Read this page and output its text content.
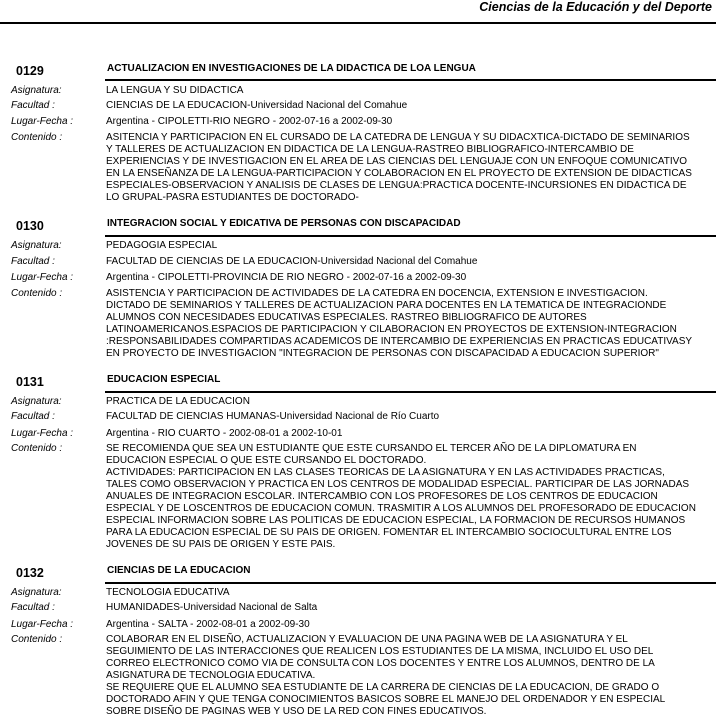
Ciencias de la Educación y del Deporte
0129	ACTUALIZACION EN INVESTIGACIONES DE LA DIDACTICA DE LOA LENGUA
Asignatura:	LA LENGUA Y SU DIDACTICA
Facultad :	CIENCIAS DE LA EDUCACION-Universidad Nacional del Comahue
Lugar-Fecha :	Argentina - CIPOLETTI-RIO NEGRO - 2002-07-16 a 2002-09-30
Contenido :	ASITENCIA Y PARTICIPACION EN EL CURSADO DE LA CATEDRA DE LENGUA Y SU DIDACXTICA-DICTADO DE SEMINARIOS
Y TALLERES DE ACTUALIZACION EN DIDACTICA DE LA LENGUA-RASTREO BIBLIOGRAFICO-INTERCAMBIO DE
EXPERIENCIAS Y DE INVESTIGACION EN EL AREA DE LAS CIENCIAS DEL LENGUAJE CON UN ENFOQUE COMUNICATIVO
EN LA ENSEÑANZA DE LA LENGUA-PARTICIPACION Y COLABORACION EN EL PROYECTO DE EXTENSION DE DIDACTICAS
ESPECIALES-OBSERVACION Y ANALISIS DE CLASES DE LENGUA:PRACTICA DOCENTE-INCURSIONES EN DIDACTICA DE
LO GRUPAL-PASRA ESTUDIANTES DE DOCTORADO-
0130	INTEGRACION SOCIAL Y EDICATIVA DE PERSONAS CON DISCAPACIDAD
Asignatura:	PEDAGOGIA ESPECIAL
Facultad :	FACULTAD DE CIENCIAS DE LA EDUCACION-Universidad Nacional del Comahue
Lugar-Fecha :	Argentina - CIPOLETTI-PROVINCIA DE RIO NEGRO - 2002-07-16 a 2002-09-30
Contenido :	ASISTENCIA Y PARTICIPACION DE ACTIVIDADES DE LA CATEDRA EN DOCENCIA, EXTENSION E INVESTIGACION.
DICTADO DE SEMINARIOS Y TALLERES DE ACTUALIZACION PARA DOCENTES EN LA TEMATICA DE INTEGRACIONDE
ALUMNOS CON NECESIDADES EDUCATIVAS ESPECIALES. RASTREO BIBLIOGRAFICO DE AUTORES
LATINOAMERICANOS.ESPACIOS DE PARTICIPACION Y CILABORACION EN PROYECTOS DE EXTENSION-INTEGRACION
:RESPONSABILIDADES COMPARTIDAS ACADEMICOS DE INTERCAMBIO DE EXPERIENCIAS EN PRACTICAS EDUCATIVASY
EN PROYECTO DE INVESTIGACION "INTEGRACION DE PERSONAS CON DISCAPACIDAD A EDUCACION SUPERIOR"
0131	EDUCACION ESPECIAL
Asignatura:	PRACTICA DE LA EDUCACION
Facultad :	FACULTAD DE CIENCIAS HUMANAS-Universidad Nacional de Río Cuarto
Lugar-Fecha :	Argentina - RIO CUARTO - 2002-08-01 a 2002-10-01
Contenido :	SE RECOMIENDA QUE SEA UN ESTUDIANTE QUE ESTE CURSANDO EL TERCER AÑO DE LA DIPLOMATURA EN
EDUCACION ESPECIAL O QUE ESTE CURSANDO EL DOCTORADO.
ACTIVIDADES: PARTICIPACION EN LAS CLASES TEORICAS DE LA ASIGNATURA Y EN LAS ACTIVIDADES PRACTICAS,
TALES COMO OBSERVACION Y PRACTICA EN LOS CENTROS DE MODALIDAD ESPECIAL. PARTICIPAR DE LAS JORNADAS
ANUALES DE INTEGRACION ESCOLAR. INTERCAMBIO CON LOS PROFESORES DE LOS CENTROS DE EDUCACION
ESPECIAL Y DE LOSCENTROS DE EDUCACION COMUN. TRASMITIR A LOS ALUMNOS DEL PROFESORADO DE EDUCACION
ESPECIAL INFORMACION SOBRE LAS POLITICAS DE EDUCACION ESPECIAL, LA FORMACION DE RECURSOS HUMANOS
PARA LA EDUCACION ESPECIAL DE SU PAIS DE ORIGEN. FOMENTAR EL INTERCAMBIO SOCIOCULTURAL ENTRE LOS
JOVENES DE SU PAIS DE ORIGEN Y ESTE PAIS.
0132	CIENCIAS DE LA EDUCACION
Asignatura:	TECNOLOGIA EDUCATIVA
Facultad :	HUMANIDADES-Universidad Nacional de Salta
Lugar-Fecha :	Argentina - SALTA - 2002-08-01 a 2002-09-30
Contenido :	COLABORAR EN EL DISEÑO, ACTUALIZACION Y EVALUACION DE UNA PAGINA WEB DE LA ASIGNATURA Y EL
SEGUIMIENTO DE LAS INTERACCIONES QUE REALICEN LOS ESTUDIANTES DE LA MISMA, INCLUIDO EL USO DEL
CORREO ELECTRONICO COMO VIA DE CONSULTA CON LOS DOCENTES Y ENTRE LOS ALUMNOS, DENTRO DE LA
ASIGNATURA DE TECNOLOGIA EDUCATIVA.
SE REQUIERE QUE EL ALUMNO SEA ESTUDIANTE DE LA CARRERA DE CIENCIAS DE LA EDUCACION, DE GRADO O
DOCTORADO AFIN Y QUE TENGA CONOCIMIENTOS BASICOS SOBRE EL MANEJO DEL ORDENADOR Y EN ESPECIAL
SOBRE DISEÑO DE PAGINAS WEB Y USO DE LA RED CON FINES EDUCATIVOS.
